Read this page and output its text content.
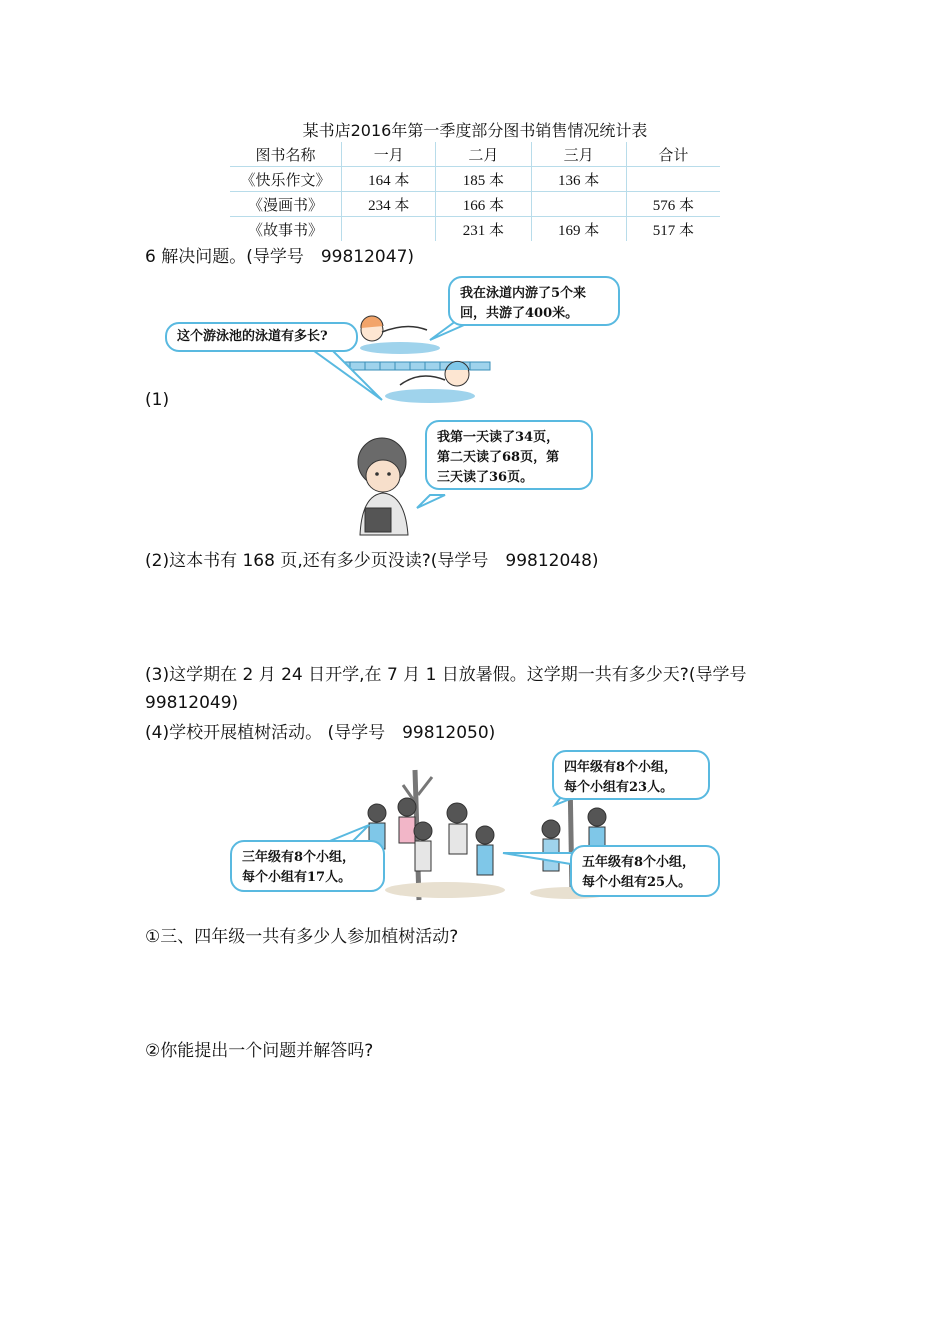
某书店2016年第一季度部分图书销售情况统计表
图书名称	一月	二月	三月	合计
《快乐作文》	164 本	185 本	136 本	
《漫画书》	234 本	166 本		576 本
《故事书》		231 本	169 本	517 本
6 解决问题。(导学号　99812047)
这个游泳池的泳道有多长?
我在泳道内游了5个来
回，共游了400米。
(1)
我第一天读了34页，
第二天读了68页，第
三天读了36页。
(2)这本书有 168 页,还有多少页没读?(导学号　99812048)
(3)这学期在 2 月 24 日开学,在 7 月 1 日放暑假。这学期一共有多少天?(导学号
99812049)
(4)学校开展植树活动。 (导学号　99812050)
三年级有8个小组，
每个小组有17人。
四年级有8个小组，
每个小组有23人。
五年级有8个小组，
每个小组有25人。
①三、四年级一共有多少人参加植树活动?
②你能提出一个问题并解答吗?
